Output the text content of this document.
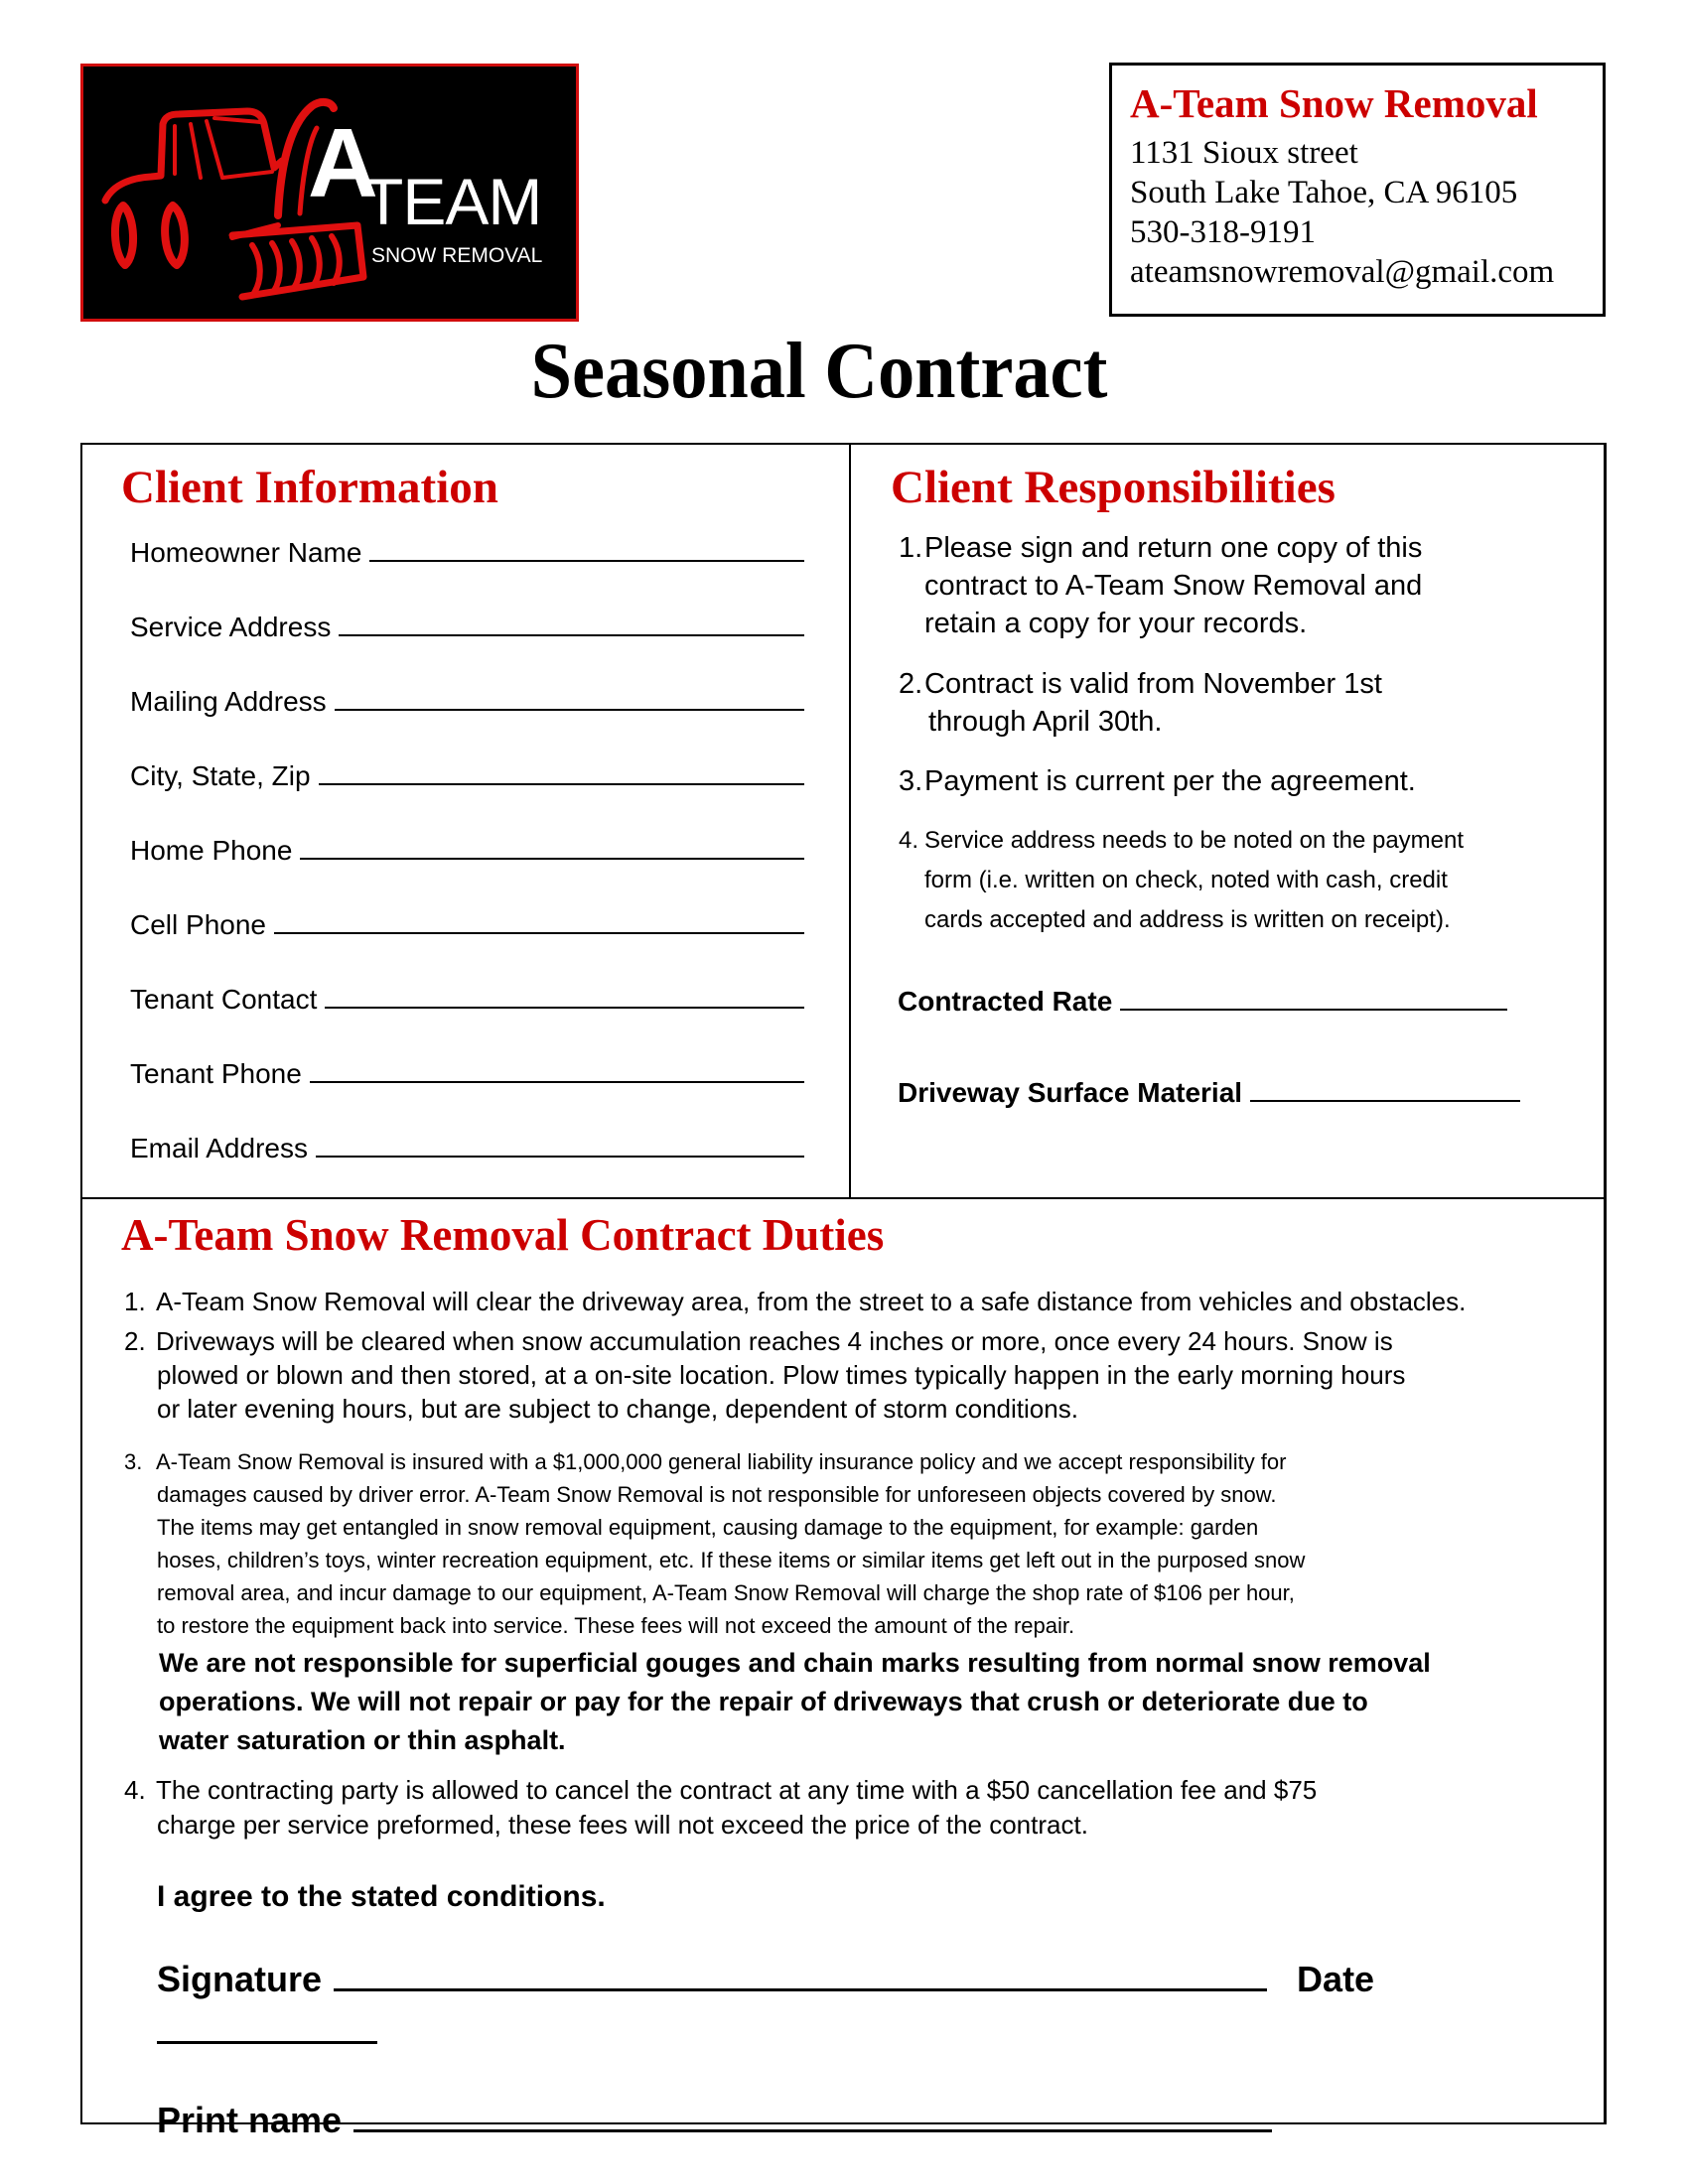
A
TEAM
SNOW REMOVAL
A-Team Snow Removal
1131 Sioux street
South Lake Tahoe, CA 96105
530-318-9191
ateamsnowremoval@gmail.com
Seasonal Contract
Client Information
Homeowner Name
Service Address
Mailing Address
City, State, Zip
Home Phone
Cell Phone
Tenant Contact
Tenant Phone
Email Address
Client Responsibilities
1. Please sign and return one copy of this
contract to A-Team Snow Removal and
retain a copy for your records.
2. Contract is valid from November 1st
through April 30th.
3. Payment is current per the agreement.
4. Service address needs to be noted on the payment
form (i.e. written on check, noted with cash, credit
cards accepted and address is written on receipt).
Contracted Rate
Driveway Surface Material
A-Team Snow Removal Contract Duties
1. A-Team Snow Removal will clear the driveway area, from the street to a safe distance from vehicles and obstacles.
2. Driveways will be cleared when snow accumulation reaches 4 inches or more, once every 24 hours. Snow is
plowed or blown and then stored, at a on-site location. Plow times typically happen in the early morning hours
or later evening hours, but are subject to change, dependent of storm conditions.
3. A-Team Snow Removal is insured with a $1,000,000 general liability insurance policy and we accept responsibility for
damages caused by driver error. A-Team Snow Removal is not responsible for unforeseen objects covered by snow.
The items may get entangled in snow removal equipment, causing damage to the equipment, for example: garden
hoses, children’s toys, winter recreation equipment, etc. If these items or similar items get left out in the purposed snow
removal area, and incur damage to our equipment, A-Team Snow Removal will charge the shop rate of $106 per hour,
to restore the equipment back into service. These fees will not exceed the amount of the repair.
We are not responsible for superficial gouges and chain marks resulting from normal snow removal
operations. We will not repair or pay for the repair of driveways that crush or deteriorate due to
water saturation or thin asphalt.
4. The contracting party is allowed to cancel the contract at any time with a $50 cancellation fee and $75
charge per service preformed, these fees will not exceed the price of the contract.
I agree to the stated conditions.
Signature	Date
Print name
